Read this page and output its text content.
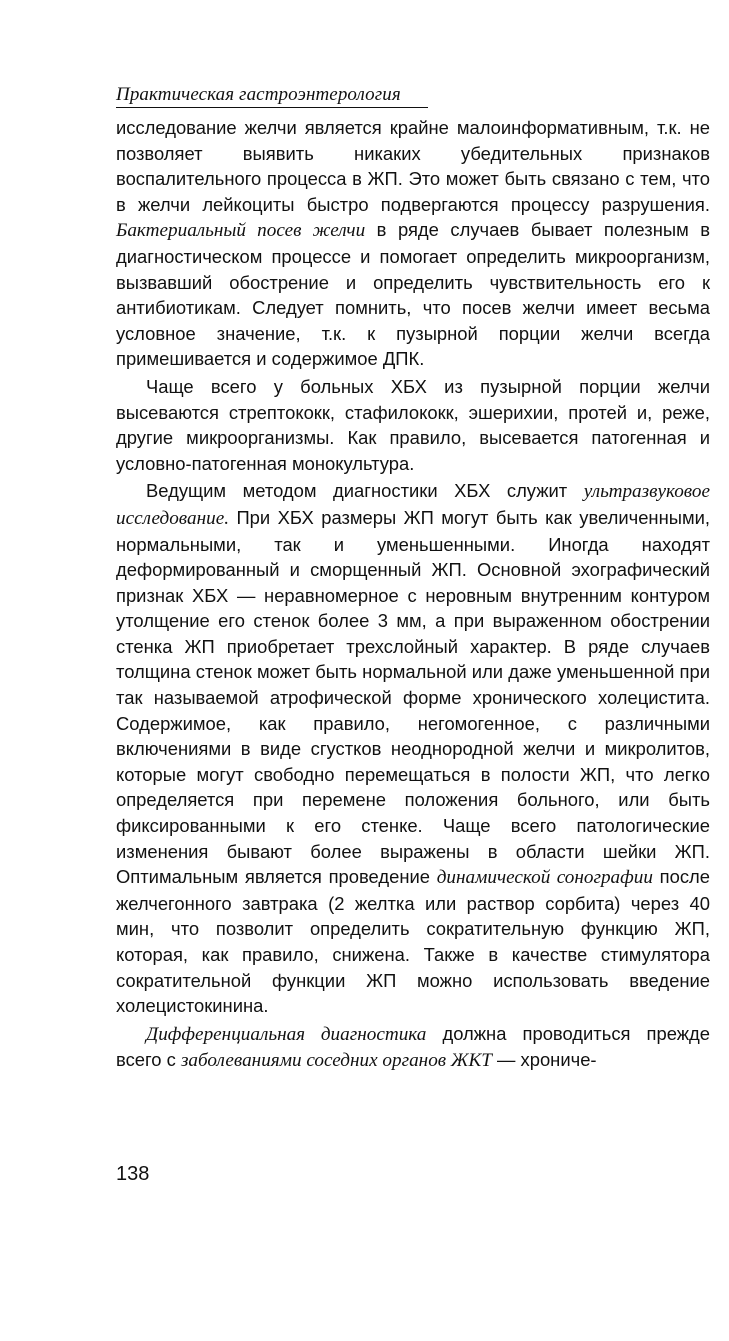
Практическая гастроэнтерология

исследование желчи является крайне малоинформативным, т.к. не позволяет выявить никаких убедительных признаков воспалительного процесса в ЖП. Это может быть связано с тем, что в желчи лейкоциты быстро подвергаются процессу разрушения. Бактериальный посев желчи в ряде случаев бывает полезным в диагностическом процессе и помогает определить микроорганизм, вызвавший обострение и определить чувствительность его к антибиотикам. Следует помнить, что посев желчи имеет весьма условное значение, т.к. к пузырной порции желчи всегда примешивается и содержимое ДПК.

Чаще всего у больных ХБХ из пузырной порции желчи высеваются стрептококк, стафилококк, эшерихии, протей и, реже, другие микроорганизмы. Как правило, высевается патогенная и условно-патогенная монокультура.

Ведущим методом диагностики ХБХ служит ультразвуковое исследование. При ХБХ размеры ЖП могут быть как увеличенными, нормальными, так и уменьшенными. Иногда находят деформированный и сморщенный ЖП. Основной эхографический признак ХБХ — неравномерное с неровным внутренним контуром утолщение его стенок более 3 мм, а при выраженном обострении стенка ЖП приобретает трехслойный характер. В ряде случаев толщина стенок может быть нормальной или даже уменьшенной при так называемой атрофической форме хронического холецистита. Содержимое, как правило, негомогенное, с различными включениями в виде сгустков неоднородной желчи и микролитов, которые могут свободно перемещаться в полости ЖП, что легко определяется при перемене положения больного, или быть фиксированными к его стенке. Чаще всего патологические изменения бывают более выражены в области шейки ЖП. Оптимальным является проведение динамической сонографии после желчегонного завтрака (2 желтка или раствор сорбита) через 40 мин, что позволит определить сократительную функцию ЖП, которая, как правило, снижена. Также в качестве стимулятора сократительной функции ЖП можно использовать введение холецистокинина.

Дифференциальная диагностика должна проводиться прежде всего с заболеваниями соседних органов ЖКТ — хрониче-

138
